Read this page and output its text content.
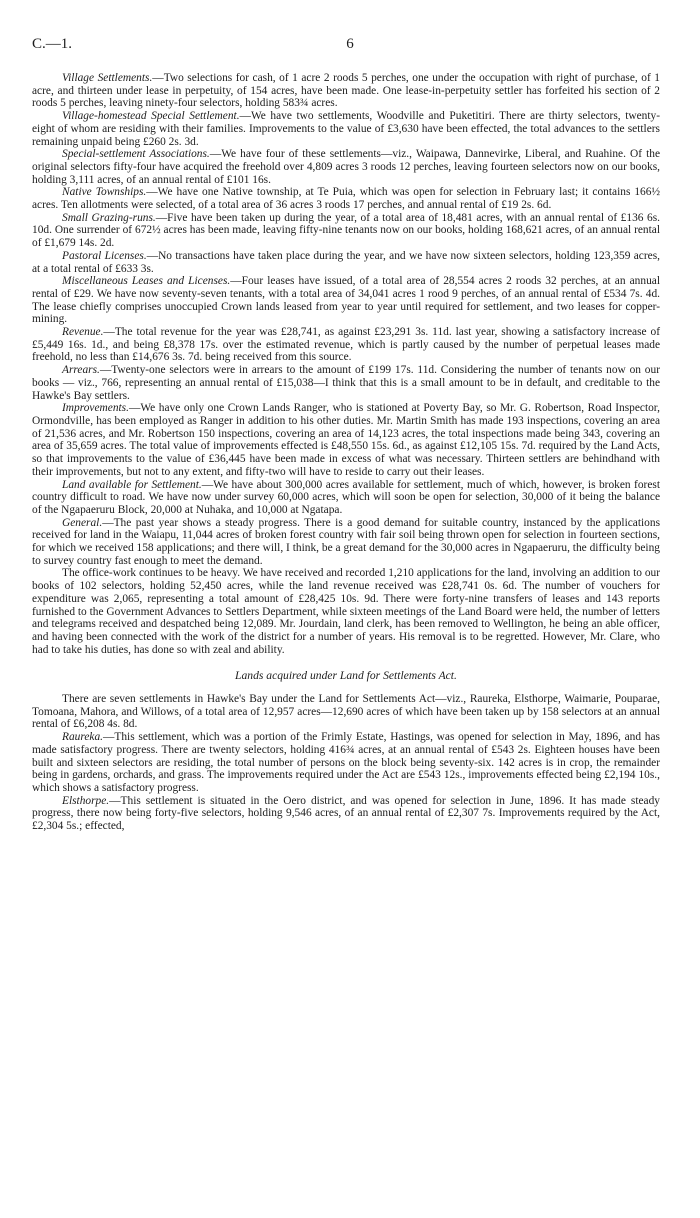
C.—1.	6

Village Settlements.—Two selections for cash, of 1 acre 2 roods 5 perches, one under the occupation with right of purchase, of 1 acre, and thirteen under lease in perpetuity, of 154 acres, have been made. One lease-in-perpetuity settler has forfeited his section of 2 roods 5 perches, leaving ninety-four selectors, holding 583¾ acres.

Village-homestead Special Settlement.—We have two settlements, Woodville and Puketitiri. There are thirty selectors, twenty-eight of whom are residing with their families. Improvements to the value of £3,630 have been effected, the total advances to the settlers remaining unpaid being £260 2s. 3d.

Special-settlement Associations.—We have four of these settlements—viz., Waipawa, Dannevirke, Liberal, and Ruahine. Of the original selectors fifty-four have acquired the freehold over 4,809 acres 3 roods 12 perches, leaving fourteen selectors now on our books, holding 3,111 acres, of an annual rental of £101 16s.

Native Townships.—We have one Native township, at Te Puia, which was open for selection in February last; it contains 166½ acres. Ten allotments were selected, of a total area of 36 acres 3 roods 17 perches, and annual rental of £19 2s. 6d.

Small Grazing-runs.—Five have been taken up during the year, of a total area of 18,481 acres, with an annual rental of £136 6s. 10d. One surrender of 672½ acres has been made, leaving fifty-nine tenants now on our books, holding 168,621 acres, of an annual rental of £1,679 14s. 2d.

Pastoral Licenses.—No transactions have taken place during the year, and we have now sixteen selectors, holding 123,359 acres, at a total rental of £633 3s.

Miscellaneous Leases and Licenses.—Four leases have issued, of a total area of 28,554 acres 2 roods 32 perches, at an annual rental of £29. We have now seventy-seven tenants, with a total area of 34,041 acres 1 rood 9 perches, of an annual rental of £534 7s. 4d. The lease chiefly comprises unoccupied Crown lands leased from year to year until required for settlement, and two leases for copper-mining.

Revenue.—The total revenue for the year was £28,741, as against £23,291 3s. 11d. last year, showing a satisfactory increase of £5,449 16s. 1d., and being £8,378 17s. over the estimated revenue, which is partly caused by the number of perpetual leases made freehold, no less than £14,676 3s. 7d. being received from this source.

Arrears.—Twenty-one selectors were in arrears to the amount of £199 17s. 11d. Considering the number of tenants now on our books — viz., 766, representing an annual rental of £15,038—I think that this is a small amount to be in default, and creditable to the Hawke's Bay settlers.

Improvements.—We have only one Crown Lands Ranger, who is stationed at Poverty Bay, so Mr. G. Robertson, Road Inspector, Ormondville, has been employed as Ranger in addition to his other duties. Mr. Martin Smith has made 193 inspections, covering an area of 21,536 acres, and Mr. Robertson 150 inspections, covering an area of 14,123 acres, the total inspections made being 343, covering an area of 35,659 acres. The total value of improvements effected is £48,550 15s. 6d., as against £12,105 15s. 7d. required by the Land Acts, so that improvements to the value of £36,445 have been made in excess of what was necessary. Thirteen settlers are behindhand with their improvements, but not to any extent, and fifty-two will have to reside to carry out their leases.

Land available for Settlement.—We have about 300,000 acres available for settlement, much of which, however, is broken forest country difficult to road. We have now under survey 60,000 acres, which will soon be open for selection, 30,000 of it being the balance of the Ngapaeruru Block, 20,000 at Nuhaka, and 10,000 at Ngatapa.

General.—The past year shows a steady progress. There is a good demand for suitable country, instanced by the applications received for land in the Waiapu, 11,044 acres of broken forest country with fair soil being thrown open for selection in fourteen sections, for which we received 158 applications; and there will, I think, be a great demand for the 30,000 acres in Ngapaeruru, the difficulty being to survey country fast enough to meet the demand.

The office-work continues to be heavy. We have received and recorded 1,210 applications for the land, involving an addition to our books of 102 selectors, holding 52,450 acres, while the land revenue received was £28,741 0s. 6d. The number of vouchers for expenditure was 2,065, representing a total amount of £28,425 10s. 9d. There were forty-nine transfers of leases and 143 reports furnished to the Government Advances to Settlers Department, while sixteen meetings of the Land Board were held, the number of letters and telegrams received and despatched being 12,089. Mr. Jourdain, land clerk, has been removed to Wellington, he being an able officer, and having been connected with the work of the district for a number of years. His removal is to be regretted. However, Mr. Clare, who had to take his duties, has done so with zeal and ability.

Lands acquired under Land for Settlements Act.

There are seven settlements in Hawke's Bay under the Land for Settlements Act—viz., Raureka, Elsthorpe, Waimarie, Pouparae, Tomoana, Mahora, and Willows, of a total area of 12,957 acres—12,690 acres of which have been taken up by 158 selectors at an annual rental of £6,208 4s. 8d.

Raureka.—This settlement, which was a portion of the Frimly Estate, Hastings, was opened for selection in May, 1896, and has made satisfactory progress. There are twenty selectors, holding 416¾ acres, at an annual rental of £543 2s. Eighteen houses have been built and sixteen selectors are residing, the total number of persons on the block being seventy-six. 142 acres is in crop, the remainder being in gardens, orchards, and grass. The improvements required under the Act are £543 12s., improvements effected being £2,194 10s., which shows a satisfactory progress.

Elsthorpe.—This settlement is situated in the Oero district, and was opened for selection in June, 1896. It has made steady progress, there now being forty-five selectors, holding 9,546 acres, of an annual rental of £2,307 7s. Improvements required by the Act, £2,304 5s.; effected,
